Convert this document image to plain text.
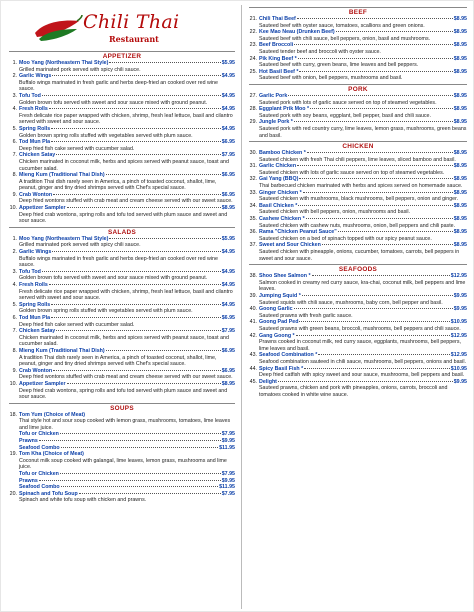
Chili Thai
Restaurant
APPETIZER
1. Moo Yang (Northeastern Thai Style)	$5.95
Grilled marinated pork served with spicy chili sauce.
2. Garlic Wings	$4.95
Buffalo wings marinated in fresh garlic and herbs deep-fried an cooked over red wine sauce.
3. Tofu Tod	$4.95
Golden brown tofu served with sweet and sour sauce mixed with ground peanut.
4. Fresh Rolls	$4.95
Fresh delicate rice paper wrapped with chicken, shrimp, fresh leaf lettuce, basil and cilantro served with sweet and sour sauce.
5. Spring Rolls	$4.95
Golden brown spring rolls stuffed with vegetables served with plum sauce.
6. Tod Mun Pla	$6.95
Deep fried fish cake served with cucumber salad.
7. Chicken Satay	$7.95
Chicken marinated in coconut milk, herbs and spices served with peanut sauce, toast and cucumber salad.
8. Mieng Kum (Traditional Thai Dish)	$6.95
A tradition Thai dish rarely seen in America, a pinch of toasted coconut, shallot, lime, peanut, ginger and tiny dried shrimps served with Chef's special sauce.
9. Crab Wonton	$6.95
Deep fried wontons stuffed with crab meat and cream cheese served with our sweet sauce.
10. Appetizer Sampler	$8.95
Deep fried crab wontons, spring rolls and tofu tod served with plum sauce and sweet and sour sauce.
SALADS
1. Moo Yang (Northeastern Thai Style)	$5.95
Grilled marinated pork served with spicy chili sauce.
2. Garlic Wings	$4.95
Buffalo wings marinated in fresh garlic and herbs deep-fried an cooked over red wine sauce.
3. Tofu Tod	$4.95
Golden brown tofu served with sweet and sour sauce mixed with ground peanut.
4. Fresh Rolls	$4.95
Fresh delicate rice paper wrapped with chicken, shrimp, fresh leaf lettuce, basil and cilantro served with sweet and sour sauce.
5. Spring Rolls	$4.95
Golden brown spring rolls stuffed with vegetables served with plum sauce.
6. Tod Mun Pla	$6.95
Deep fried fish cake served with cucumber salad.
7. Chicken Satay	$7.95
Chicken marinated in coconut milk, herbs and spices served with peanut sauce, toast and cucumber salad.
8. Mieng Kum (Traditional Thai Dish)	$6.95
A tradition Thai dish rarely seen in America, a pinch of toasted coconut, shallot, lime, peanut, ginger and tiny dried shrimps served with Chef's special sauce.
9. Crab Wonton	$6.95
Deep fried wontons stuffed with crab meat and cream cheese served with our sweet sauce.
10. Appetizer Sampler	$8.95
Deep fried crab wontons, spring rolls and tofu tod served with plum sauce and sweet and sour sauce.
SOUPS
18. Tom Yum (Choice of Meat)
Thai style hot and sour soup cooked with lemon grass, mushrooms, tomatoes, lime leaves and lime juice.
Tofu or Chicken	$7.95
Prawns	$9.95
Seafood Combo	$11.95
19. Tom Kha (Choice of Meat)
Coconut milk soup cooked with galangal, lime leaves, lemon grass, mushrooms and lime juice.
Tofu or Chicken	$7.95
Prawns	$9.95
Seafood Combo	$11.95
20. Spinach and Tofu Soup	$7.95
Spinach and white tofu soup with chicken and prawns.
BEEF
21. Chili Thai Beef	$8.95
Sauteed beef with oyster sauce, tomatoes, scallions and green onions.
22. Kee Mao Neau (Drunken Beef)	$8.95
Sauteed beef with chili sauce, bell peppers, onion, basil and mushrooms.
23. Beef Broccoli	$8.95
Sauteed tender beef and broccoli with oyster sauce.
24. Pik King Beef *	$8.95
Sauteed beef with curry, green beans, lime leaves and bell peppers.
25. Hot Basil Beef *	$8.95
Sauteed beef with onion, bell peppers, mushrooms and basil.
PORK
27. Garlic Pork	$8.95
Sauteed pork with lots of garlic sauce served on top of steamed vegetables.
28. Eggplant Prik Moo *	$8.95
Sauteed pork with soy beans, eggplant, bell pepper, basil and chili sauce.
29. Jungle Pork *	$8.95
Sauteed pork with red country curry, lime leaves, lemon grass, mushrooms, green beans and basil.
CHICKEN
30. Bamboo Chicken *	$8.95
Sauteed chicken with fresh Thai chili peppers, lime leaves, sliced bamboo and basil.
31. Garlic Chicken	$8.95
Sauteed chicken with lots of garlic sauce served on top of steamed vegetables.
32. Gai Yang (BBQ)	$8.95
Thai barbecued chicken marinated with herbs and spices served on homemade sauce.
33. Ginger Chicken *	$8.95
Sauteed chicken with mushrooms, black mushrooms, bell peppers, onion and ginger.
34. Basil Chicken *	$8.95
Sauteed chicken with bell peppers, onion, mushrooms and basil.
35. Cashew Chicken *	$8.95
Sauteed chicken with cashew nuts, mushrooms, onion, bell peppers and chili paste.
36. Rama "Chicken Peanut Sauce"	$8.95
Sauteed chicken on a bed of spinach topped with our spicy peanut sauce.
37. Sweet and Sour Chicken	$8.95
Sauteed chicken with pineapple, onions, cucumber, tomatoes, carrots, bell peppers in sweet and sour sauce.
SEAFOODS
38. Shoo Shee Salmon *	$12.95
Salmon cooked in creamy red curry sauce, kra-chai, coconut milk, bell peppers and lime leaves.
39. Jumping Squid *	$9.95
Sauteed squids with chili sauce, mushrooms, baby corn, bell pepper and basil.
40. Goong Garlic	$9.95
Sauteed prawns with fresh garlic sauce.
41. Goong Pad Ped	$10.95
Sauteed prawns with green beans, broccoli, mushrooms, bell peppers and chili sauce.
42. Gang Goong *	$12.95
Prawns cooked in coconut milk, red curry sauce, eggplants, mushrooms, bell peppers, lime leaves and basil.
43. Seafood Combination *	$12.95
Seafood combination sauteed in chili sauce, mushrooms, bell peppers, onions and basil.
44. Spicy Basil Fish *	$10.95
Deep fried catfish with spicy sweet and sour sauce, mushrooms, bell peppers and basil.
45. Delight	$9.95
Sauteed prawns, chicken and pork with pineapples, onions, carrots, broccoli and tomatoes cooked in white wine sauce.
